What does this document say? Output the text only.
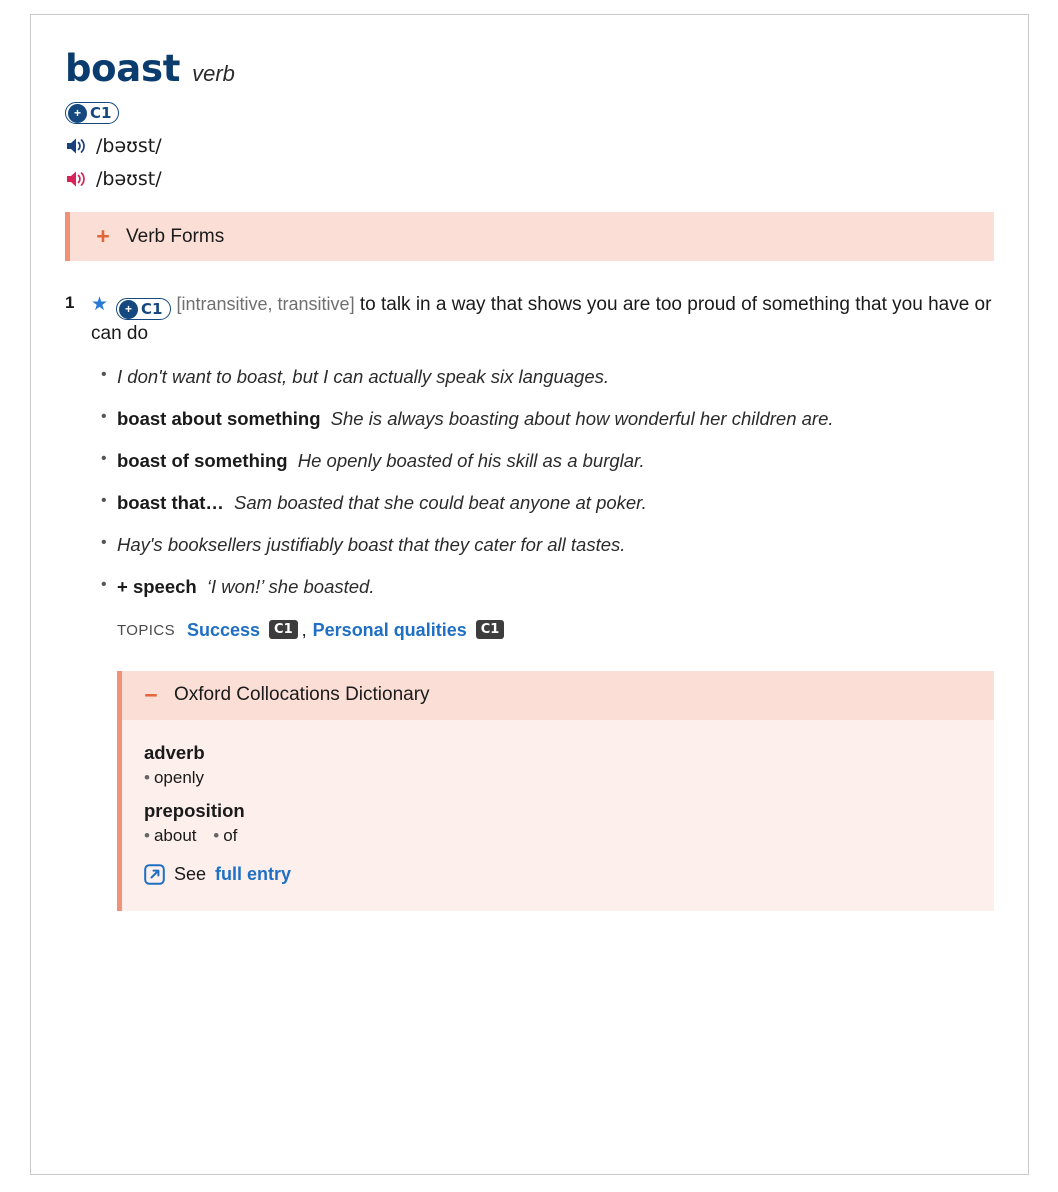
boast verb
+ C1
/bəʊst/
/bəʊst/
+ Verb Forms
1 ★	+ C1 [intransitive, transitive] to talk in a way that shows you are too proud of something that you have or can do
• I don't want to boast, but I can actually speak six languages.
• boast about something She is always boasting about how wonderful her children are.
• boast of something He openly boasted of his skill as a burglar.
• boast that… Sam boasted that she could beat anyone at poker.
• Hay's booksellers justifiably boast that they cater for all tastes.
• + speech ‘I won!’ she boasted.
TOPICS Success	C1 , Personal qualities	C1
− Oxford Collocations Dictionary
adverb
• openly
preposition
• about • of
See full entry
